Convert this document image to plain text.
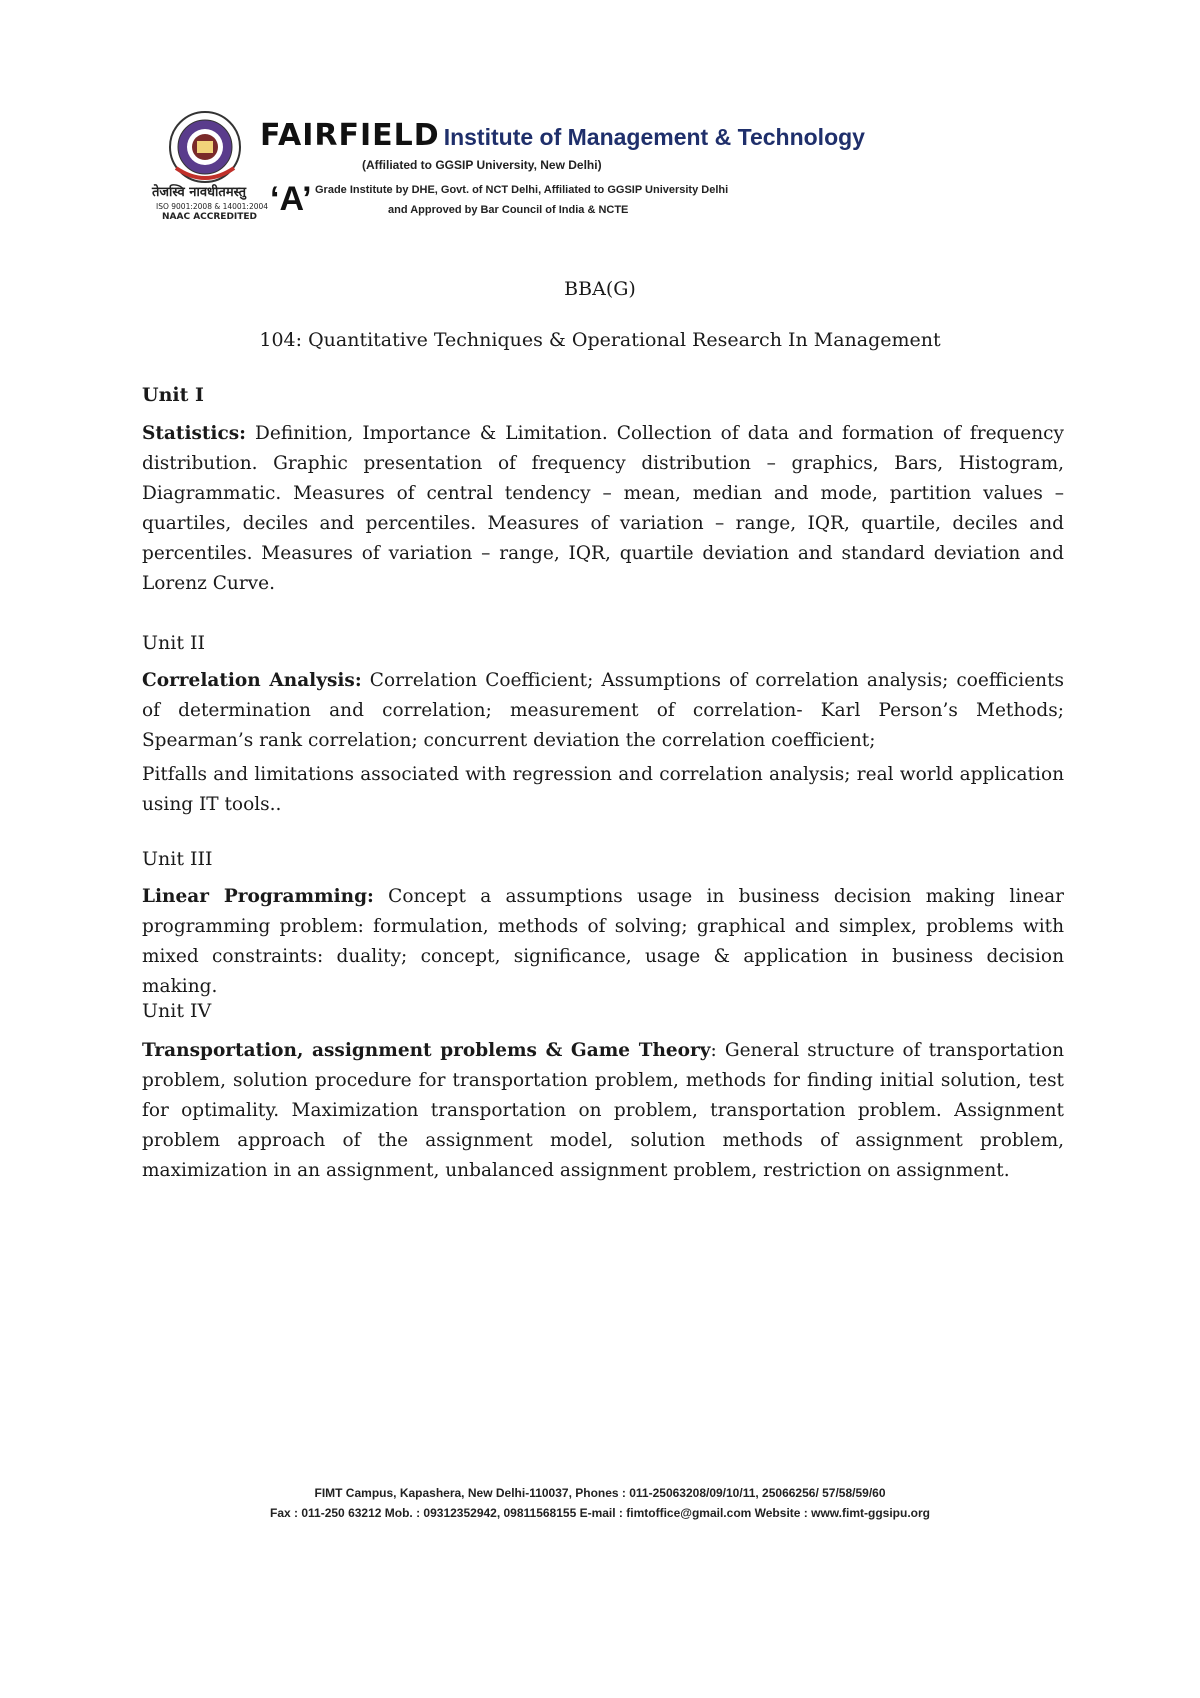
तेजस्वि नावधीतमस्तु
ISO 9001:2008 & 14001:2004
NAAC ACCREDITED
FAIRFIELD Institute of Management & Technology
(Affiliated to GGSIP University, New Delhi)
‘A’ Grade Institute by DHE, Govt. of NCT Delhi, Affiliated to GGSIP University Delhi
and Approved by Bar Council of India & NCTE
BBA(G)
104: Quantitative Techniques & Operational Research In Management
Unit I

Statistics: Definition, Importance & Limitation. Collection of data and formation of frequency distribution. Graphic presentation of frequency distribution – graphics, Bars, Histogram, Diagrammatic. Measures of central tendency – mean, median and mode, partition values – quartiles, deciles and percentiles. Measures of variation – range, IQR, quartile, deciles and percentiles. Measures of variation – range, IQR, quartile deviation and standard deviation and Lorenz Curve.

Unit II

Correlation Analysis: Correlation Coefficient; Assumptions of correlation analysis; coefficients of determination and correlation; measurement of correlation- Karl Person’s Methods; Spearman’s rank correlation; concurrent deviation the correlation coefficient;

Pitfalls and limitations associated with regression and correlation analysis; real world application using IT tools..

Unit III

Linear Programming: Concept a assumptions usage in business decision making linear programming problem: formulation, methods of solving; graphical and simplex, problems with mixed constraints: duality; concept, significance, usage & application in business decision making.

Unit IV

Transportation, assignment problems & Game Theory: General structure of transportation problem, solution procedure for transportation problem, methods for finding initial solution, test for optimality. Maximization transportation on problem, transportation problem. Assignment problem approach of the assignment model, solution methods of assignment problem, maximization in an assignment, unbalanced assignment problem, restriction on assignment.

FIMT Campus, Kapashera, New Delhi-110037, Phones : 011-25063208/09/10/11, 25066256/ 57/58/59/60
Fax : 011-250 63212 Mob. : 09312352942, 09811568155 E-mail : fimtoffice@gmail.com Website : www.fimt-ggsipu.org
